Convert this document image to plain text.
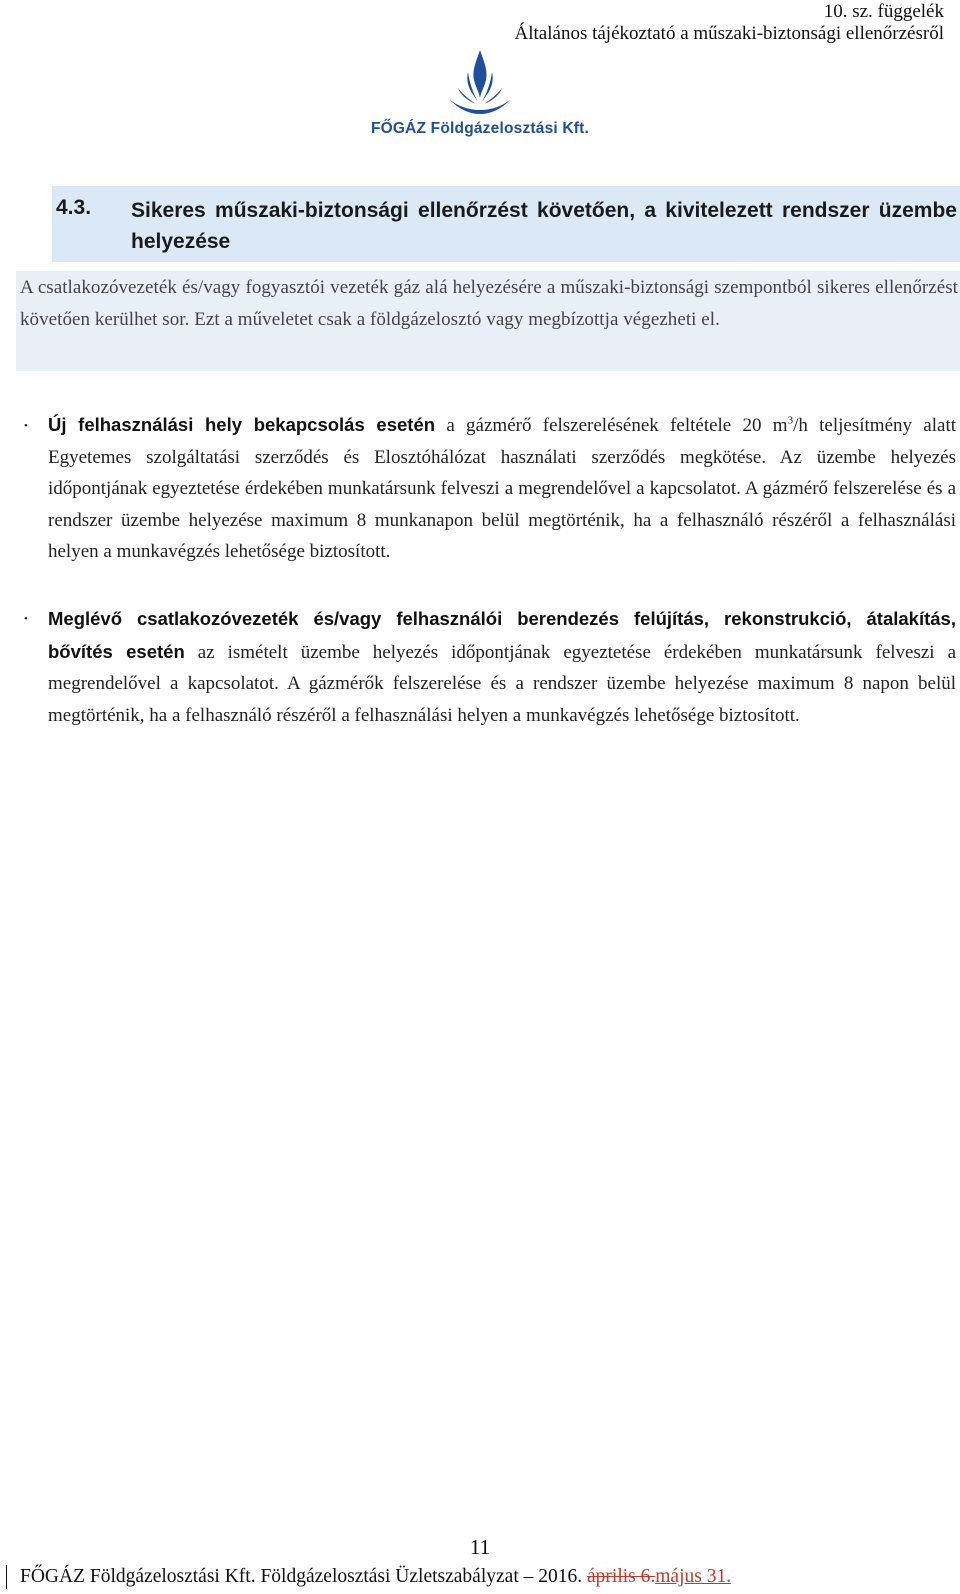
10. sz. függelék
Általános tájékoztató a műszaki-biztonsági ellenőrzésről
FŐGÁZ Földgázelosztási Kft.
4.3. Sikeres műszaki-biztonsági ellenőrzést követően, a kivitelezett rendszer üzembe helyezése
A csatlakozóvezeték és/vagy fogyasztói vezeték gáz alá helyezésére a műszaki-biztonsági szempontból sikeres ellenőrzést követően kerülhet sor. Ezt a műveletet csak a földgázelosztó vagy megbízottja végezheti el.
• Új felhasználási hely bekapcsolás esetén a gázmérő felszerelésének feltétele 20 $m^3/h$ teljesítmény alatt Egyetemes szolgáltatási szerződés és Elosztóhálózat használati szerződés megkötése. Az üzembe helyezés időpontjának egyeztetése érdekében munkatársunk felveszi a megrendelővel a kapcsolatot. A gázmérő felszerelése és a rendszer üzembe helyezése maximum 8 munkanapon belül megtörténik, ha a felhasználó részéről a felhasználási helyen a munkavégzés lehetősége biztosított.
• Meglévő csatlakozóvezeték és/vagy felhasználói berendezés felújítás, rekonstrukció, átalakítás, bővítés esetén az ismételt üzembe helyezés időpontjának egyeztetése érdekében munkatársunk felveszi a megrendelővel a kapcsolatot. A gázmérők felszerelése és a rendszer üzembe helyezése maximum 8 napon belül megtörténik, ha a felhasználó részéről a felhasználási helyen a munkavégzés lehetősége biztosított.
11
FŐGÁZ Földgázelosztási Kft. Földgázelosztási Üzletszabályzat – 2016. április 6.május 31.
